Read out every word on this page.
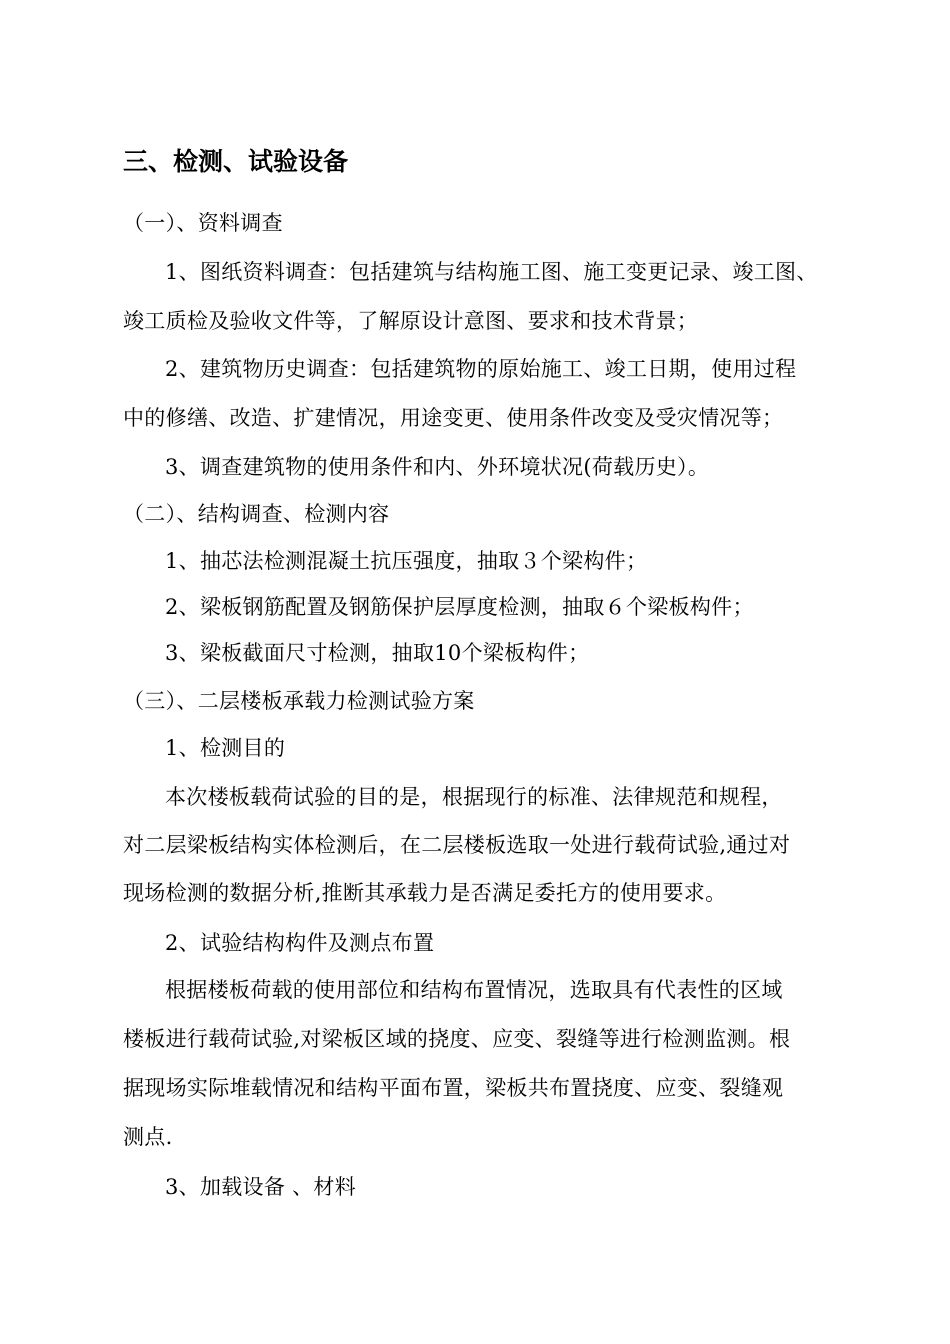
三、检测、试验设备
（一）、资料调查
1、图纸资料调查：包括建筑与结构施工图、施工变更记录、竣工图、
竣工质检及验收文件等，了解原设计意图、要求和技术背景；
2、建筑物历史调查：包括建筑物的原始施工、竣工日期，使用过程
中的修缮、改造、扩建情况，用途变更、使用条件改变及受灾情况等；
3、调查建筑物的使用条件和内、外环境状况(荷载历史）。
（二）、结构调查、检测内容
1、抽芯法检测混凝土抗压强度，抽取３个梁构件；
2、梁板钢筋配置及钢筋保护层厚度检测，抽取６个梁板构件；
3、梁板截面尺寸检测，抽取10个梁板构件；
（三）、二层楼板承载力检测试验方案
1、检测目的
本次楼板载荷试验的目的是，根据现行的标准、法律规范和规程，
对二层梁板结构实体检测后，在二层楼板选取一处进行载荷试验,通过对
现场检测的数据分析,推断其承载力是否满足委托方的使用要求。
2、试验结构构件及测点布置
根据楼板荷载的使用部位和结构布置情况，选取具有代表性的区域
楼板进行载荷试验,对梁板区域的挠度、应变、裂缝等进行检测监测。根
据现场实际堆载情况和结构平面布置，梁板共布置挠度、应变、裂缝观
测点.
3、加载设备 、材料
